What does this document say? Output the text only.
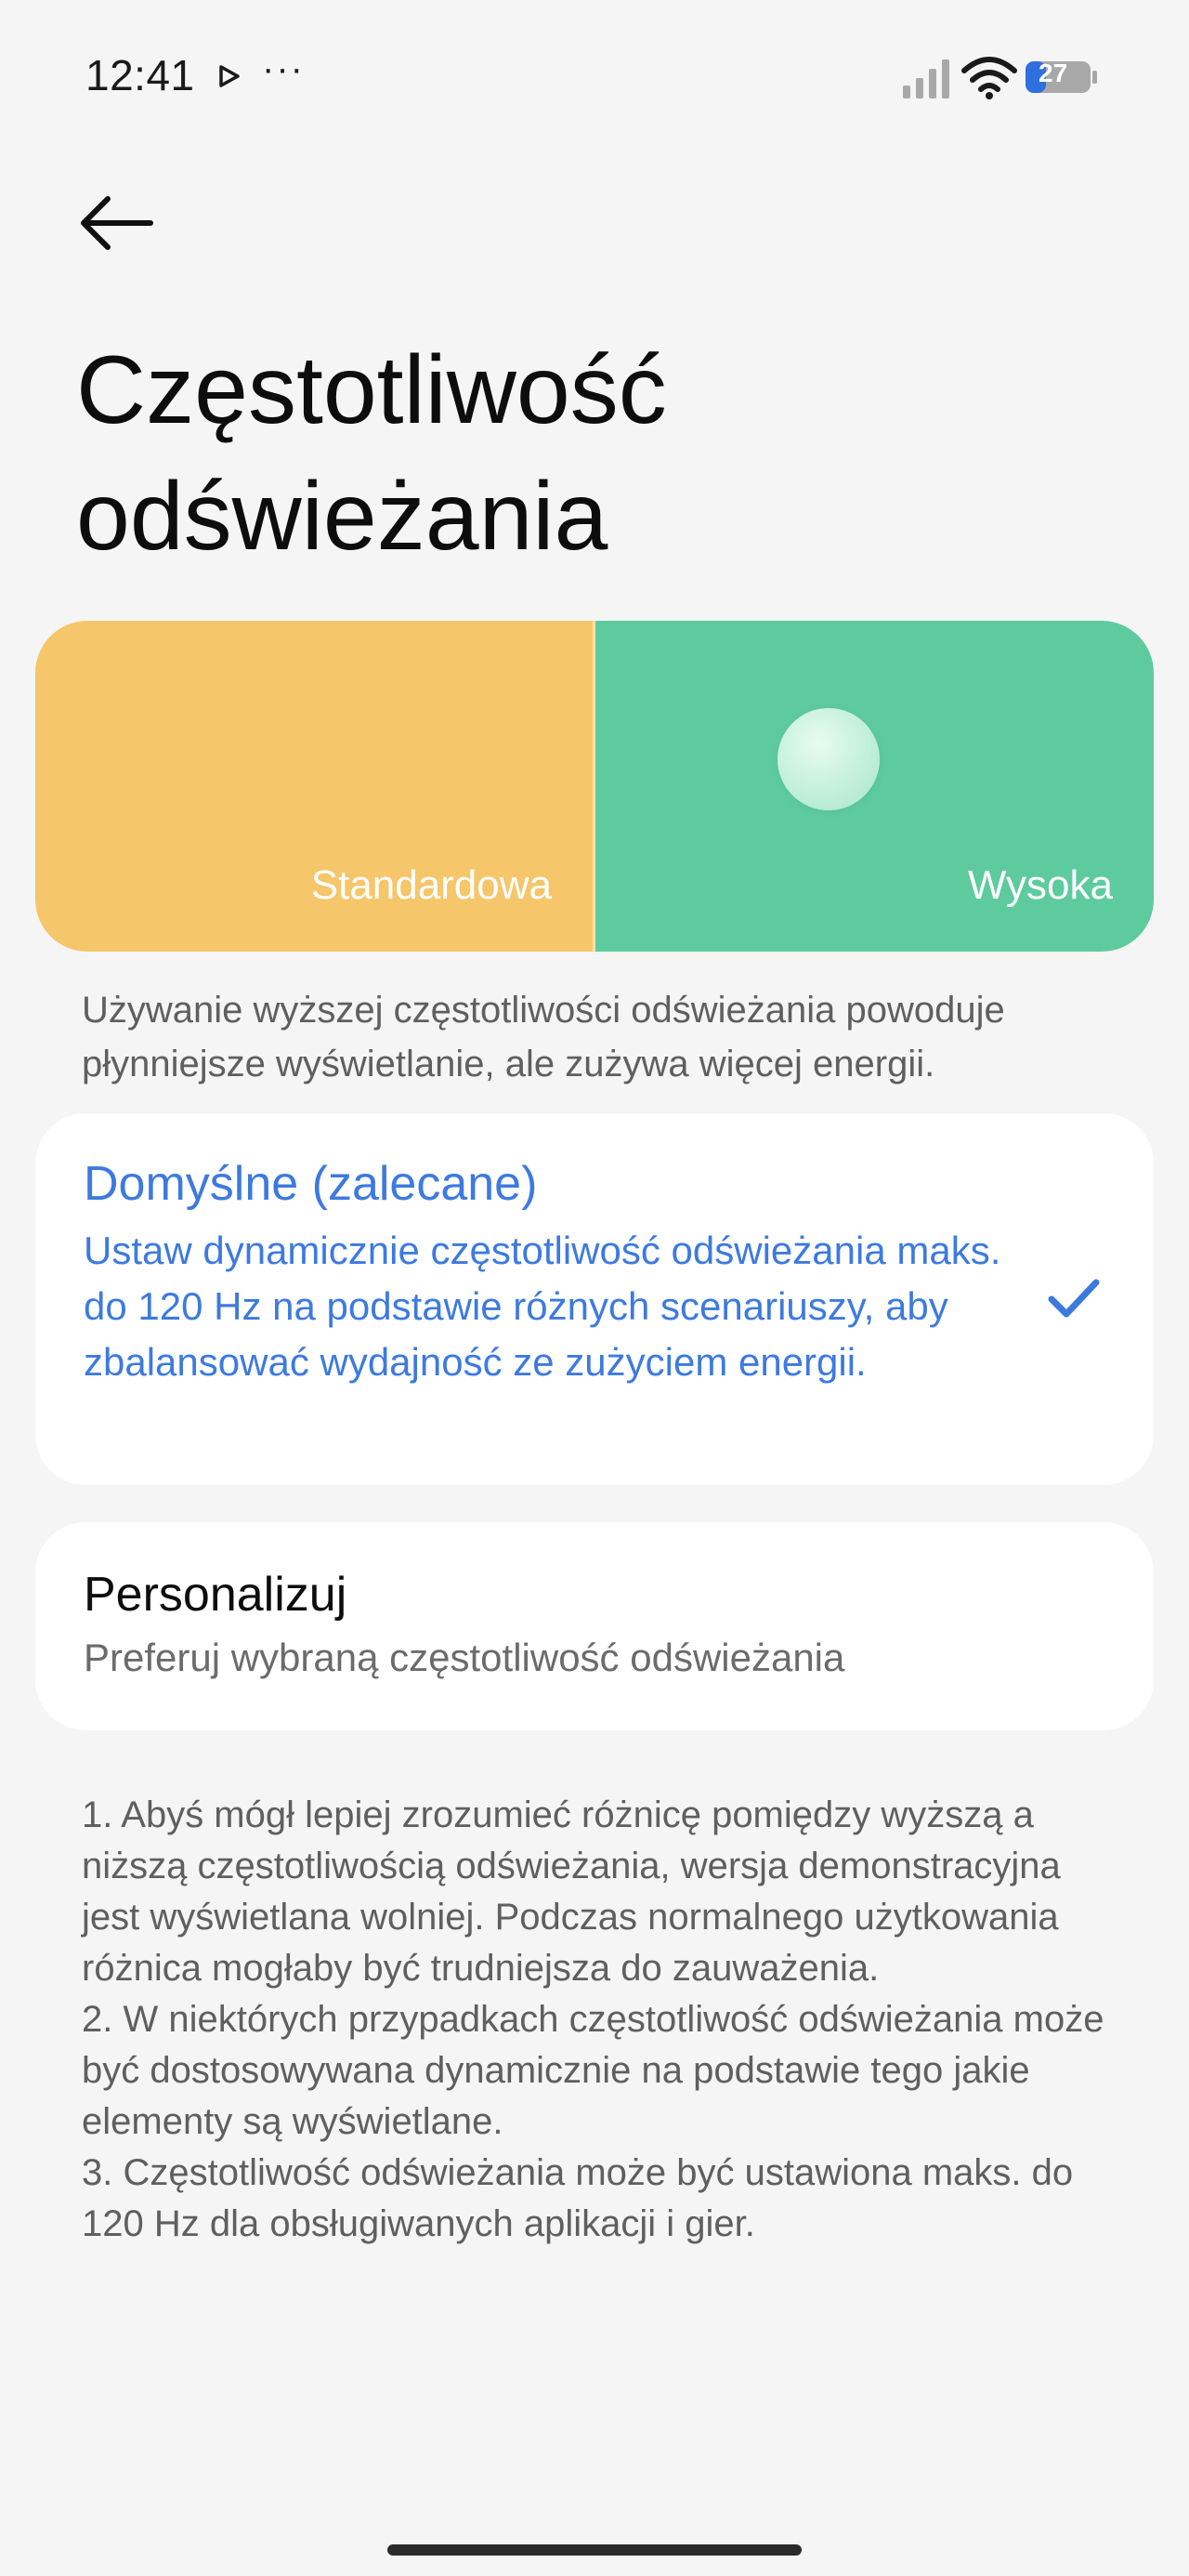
12:41 ···	27
Częstotliwość odświeżania
Standardowa	Wysoka
Używanie wyższej częstotliwości odświeżania powoduje płynniejsze wyświetlanie, ale zużywa więcej energii.
Domyślne (zalecane)
Ustaw dynamicznie częstotliwość odświeżania maks. do 120 Hz na podstawie różnych scenariuszy, aby zbalansować wydajność ze zużyciem energii.
Personalizuj
Preferuj wybraną częstotliwość odświeżania

1. Abyś mógł lepiej zrozumieć różnicę pomiędzy wyższą a niższą częstotliwością odświeżania, wersja demonstracyjna jest wyświetlana wolniej. Podczas normalnego użytkowania różnica mogłaby być trudniejsza do zauważenia.

2. W niektórych przypadkach częstotliwość odświeżania może być dostosowywana dynamicznie na podstawie tego jakie elementy są wyświetlane.

3. Częstotliwość odświeżania może być ustawiona maks. do 120 Hz dla obsługiwanych aplikacji i gier.
